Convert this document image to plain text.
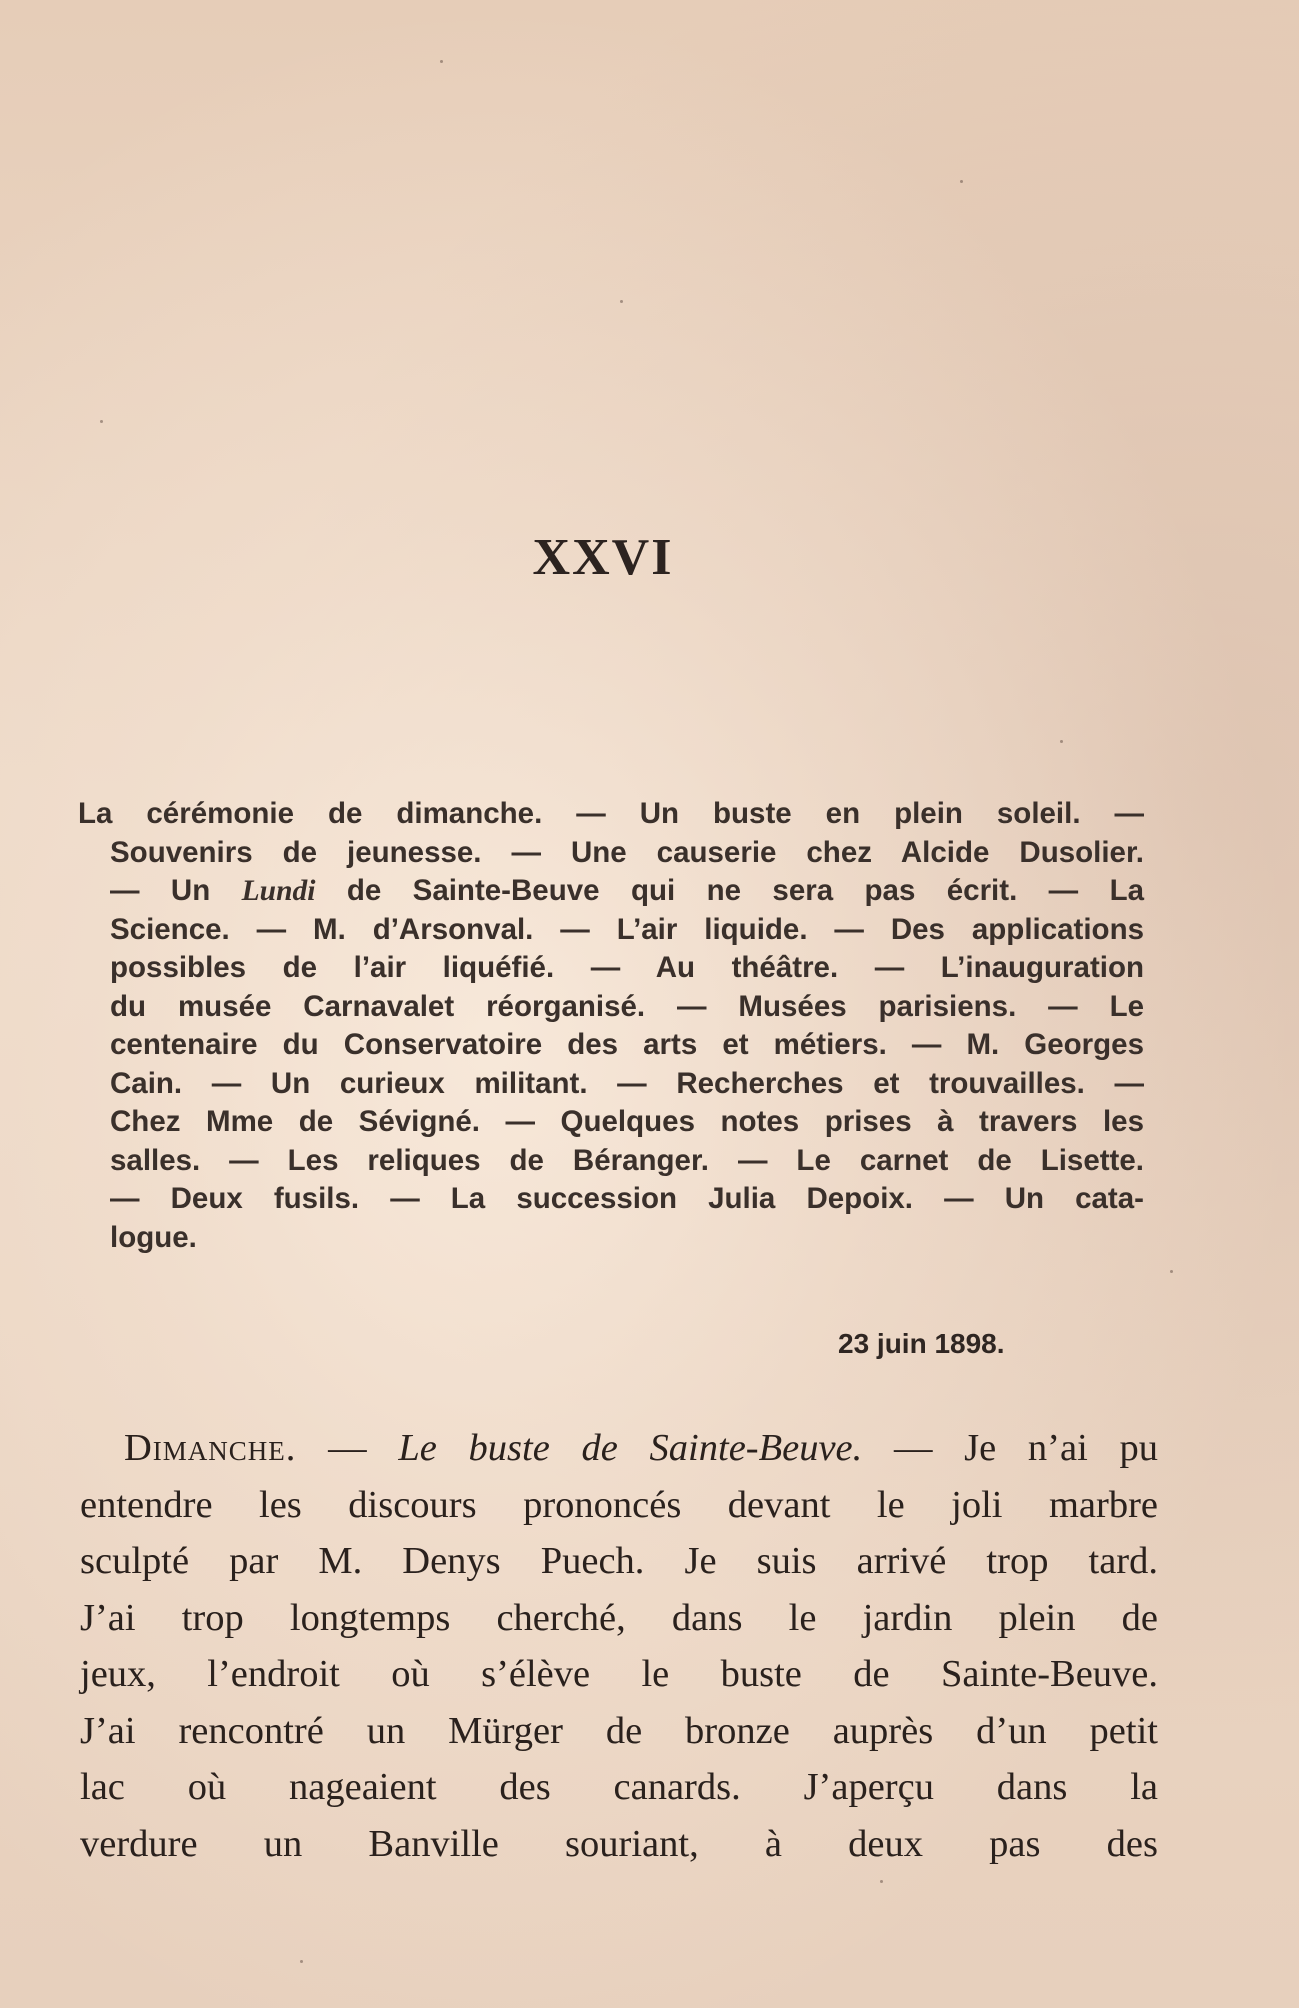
XXVI
La cérémonie de dimanche. — Un buste en plein soleil. —
Souvenirs de jeunesse. — Une causerie chez Alcide Dusolier.
— Un Lundi de Sainte-Beuve qui ne sera pas écrit. — La
Science. — M. d’Arsonval. — L’air liquide. — Des applications
possibles de l’air liquéfié. — Au théâtre. — L’inauguration
du musée Carnavalet réorganisé. — Musées parisiens. — Le
centenaire du Conservatoire des arts et métiers. — M. Georges
Cain. — Un curieux militant. — Recherches et trouvailles. —
Chez Mme de Sévigné. — Quelques notes prises à travers les
salles. — Les reliques de Béranger. — Le carnet de Lisette.
— Deux fusils. — La succession Julia Depoix. — Un cata-
logue.
23 juin 1898.
Dimanche. — Le buste de Sainte-Beuve. — Je n’ai pu
entendre les discours prononcés devant le joli marbre
sculpté par M. Denys Puech. Je suis arrivé trop tard.
J’ai trop longtemps cherché, dans le jardin plein de
jeux, l’endroit où s’élève le buste de Sainte-Beuve.
J’ai rencontré un Mürger de bronze auprès d’un petit
lac où nageaient des canards. J’aperçu dans la
verdure un Banville souriant, à deux pas des
